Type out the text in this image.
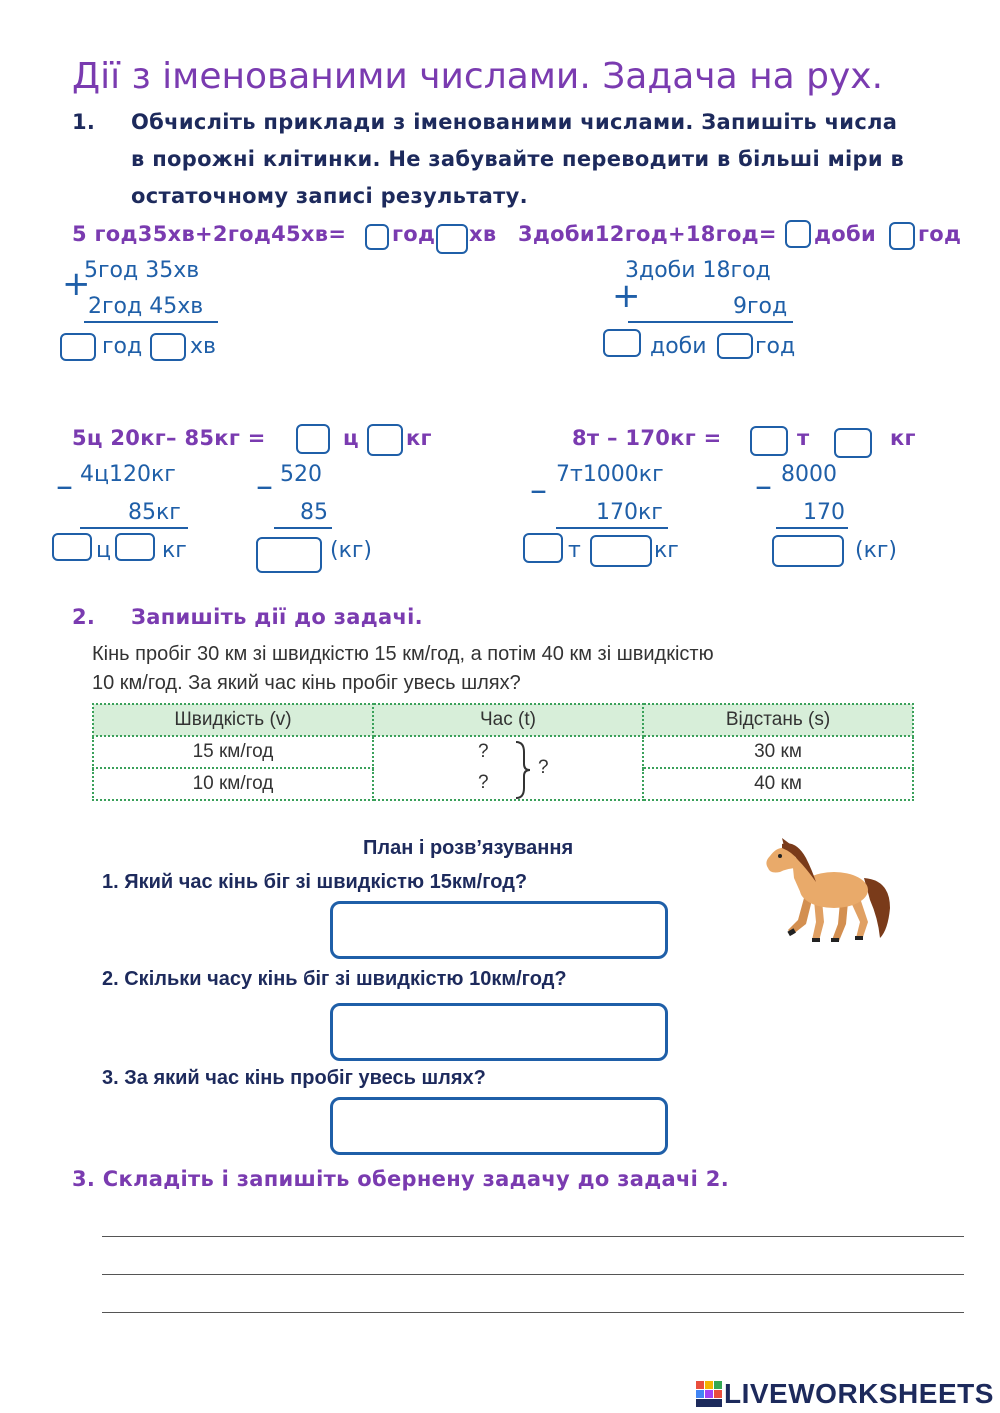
Дії з іменованими числами. Задача на рух.
1. Обчисліть приклади з іменованими числами. Запишіть числа
в порожні клітинки. Не забувайте переводити в більші міри в
остаточному записі результату.
5 год35хв+2год45хв= год хв
+
5год 35хв
2год 45хв
год хв
3доби12год+18год= доби год
+
3доби 18год
9год
доби год
5ц 20кг– 85кг =	ц кг
– 4ц120кг
85кг
ц кг
– 520
85
(кг)
8т – 170кг =	т	кг
– 7т1000кг
170кг
т	кг
– 8000
170
(кг)
2. Запишіть дії до задачі.
Кінь пробіг 30 км зі швидкістю 15 км/год, а потім 40 км зі швидкістю
10 км/год. За який час кінь пробіг увесь шлях?
Швидкість (v)	Час (t)	Відстань (s)
15 км/год	?	30 км
10 км/год	?	40 км
?
План і розв’язування
1. Який час кінь біг зі швидкістю 15км/год?
2. Скільки часу кінь біг зі швидкістю 10км/год?
3. За який час кінь пробіг увесь шлях?
3. Складіть і запишіть обернену задачу до задачі 2.
LIVEWORKSHEETS
